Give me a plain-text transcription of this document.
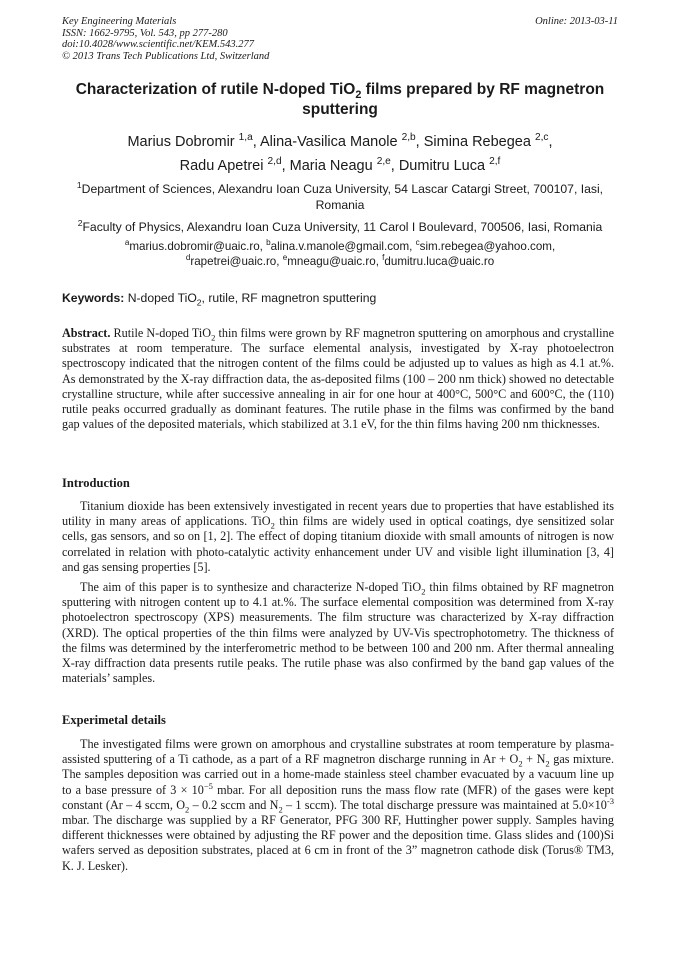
Key Engineering Materials
ISSN: 1662-9795, Vol. 543, pp 277-280
doi:10.4028/www.scientific.net/KEM.543.277
© 2013 Trans Tech Publications Ltd, Switzerland
Online: 2013-03-11
Characterization of rutile N-doped TiO$_2$ films prepared by RF magnetron sputtering
Marius Dobromir $^{1,a}$, Alina-Vasilica Manole $^{2,b}$, Simina Rebegea $^{2,c}$,
Radu Apetrei $^{2,d}$, Maria Neagu $^{2,e}$, Dumitru Luca $^{2,f}$
$^1$Department of Sciences, Alexandru Ioan Cuza University, 54 Lascar Catargi Street, 700107, Iasi, Romania
$^2$Faculty of Physics, Alexandru Ioan Cuza University, 11 Carol I Boulevard, 700506, Iasi, Romania
$^a$marius.dobromir@uaic.ro, $^b$alina.v.manole@gmail.com, $^c$sim.rebegea@yahoo.com,
$^d$rapetrei@uaic.ro, $^e$mneagu@uaic.ro, $^f$dumitru.luca@uaic.ro
Keywords: N-doped TiO$_2$, rutile, RF magnetron sputtering

Abstract. Rutile N-doped TiO$_2$ thin films were grown by RF magnetron sputtering on amorphous and crystalline substrates at room temperature. The surface elemental analysis, investigated by X-ray photoelectron spectroscopy indicated that the nitrogen content of the films could be adjusted up to values as high as 4.1 at.%. As demonstrated by the X-ray diffraction data, the as-deposited films (100 – 200 nm thick) showed no detectable crystalline structure, while after successive annealing in air for one hour at 400°C, 500°C and 600°C, the (110) rutile peaks occurred gradually as dominant features. The rutile phase in the films was confirmed by the band gap values of the deposited materials, which stabilized at 3.1 eV, for the thin films having 200 nm thicknesses.

Introduction

Titanium dioxide has been extensively investigated in recent years due to properties that have established its utility in many areas of applications. TiO$_2$ thin films are widely used in optical coatings, dye sensitized solar cells, gas sensors, and so on [1, 2]. The effect of doping titanium dioxide with small amounts of nitrogen is now correlated in relation with photo-catalytic activity enhancement under UV and visible light illumination [3, 4] and gas sensing properties [5].

The aim of this paper is to synthesize and characterize N-doped TiO$_2$ thin films obtained by RF magnetron sputtering with nitrogen content up to 4.1 at.%. The surface elemental composition was determined from X-ray photoelectron spectroscopy (XPS) measurements. The film structure was characterized by X-ray diffraction (XRD). The optical properties of the thin films were analyzed by UV-Vis spectrophotometry. The thickness of the films was determined by the interferometric method to be between 100 and 200 nm. After thermal annealing X-ray diffraction data presents rutile peaks. The rutile phase was also confirmed by the band gap values of the materials’ samples.

Experimetal details

The investigated films were grown on amorphous and crystalline substrates at room temperature by plasma-assisted sputtering of a Ti cathode, as a part of a RF magnetron discharge running in $Ar + O_2 + N_2$ gas mixture. The samples deposition was carried out in a home-made stainless steel chamber evacuated by a vacuum line up to a base pressure of $3 \times 10^{-5}$ mbar. For all deposition runs the mass flow rate (MFR) of the gases were kept constant (Ar – 4 sccm, $O_2 - 0.2$ sccm and $N_2 - 1$ sccm). The total discharge pressure was maintained at $5.0\times 10^{-3}$ mbar. The discharge was supplied by a RF Generator, PFG 300 RF, Huttingher power supply. Samples having different thicknesses were obtained by adjusting the RF power and the deposition time. Glass slides and (100)Si wafers served as deposition substrates, placed at 6 cm in front of the 3” magnetron cathode disk (Torus® TM3, K. J. Lesker).
